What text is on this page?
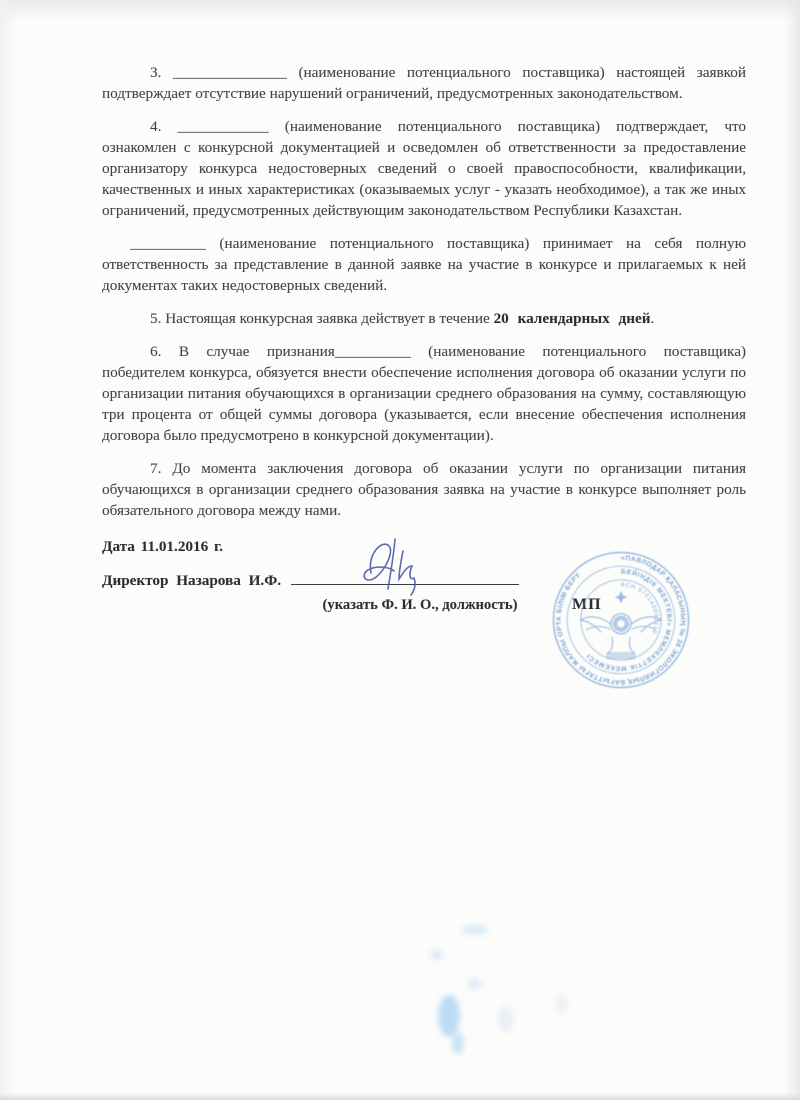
3. _______________ (наименование потенциального поставщика) настоящей заявкой подтверждает отсутствие нарушений ограничений, предусмотренных законодательством.

4. ____________ (наименование потенциального поставщика) подтверждает, что ознакомлен с конкурсной документацией и осведомлен об ответственности за предоставление организатору конкурса недостоверных сведений о своей правоспособности, квалификации, качественных и иных характеристиках (оказываемых услуг - указать необходимое), а так же иных ограничений, предусмотренных действующим законодательством Республики Казахстан.

__________ (наименование потенциального поставщика) принимает на себя полную ответственность за представление в данной заявке на участие в конкурсе и прилагаемых к ней документах таких недостоверных сведений.

5. Настоящая конкурсная заявка действует в течение 20 календарных дней.

6. В случае признания__________ (наименование потенциального поставщика) победителем конкурса, обязуется внести обеспечение исполнения договора об оказании услуги по организации питания обучающихся в организации среднего образования на сумму, составляющую три процента от общей суммы договора (указывается, если внесение обеспечения исполнения договора было предусмотрено в конкурсной документации).

7. До момента заключения договора об оказании услуги по организации питания обучающихся в организации среднего образования заявка на участие в конкурсе выполняет роль обязательного договора между нами.

Дата 11.01.2016 г.

Директор Назарова И.Ф.
(указать Ф. И. О., должность)	МП
«ПАВЛОДАР ҚАЛАСЫНЫҢ № 36 ЭКОЛОГИЯЛЫҚ БАҒЫТТАҒЫ ЖАЛПЫ ОРТА БІЛІМ БЕРУ	БЕЙІНДІК МЕКТЕБІ» МЕМЛЕКЕТТІК МЕКЕМЕСІ
БСН 970140002110
